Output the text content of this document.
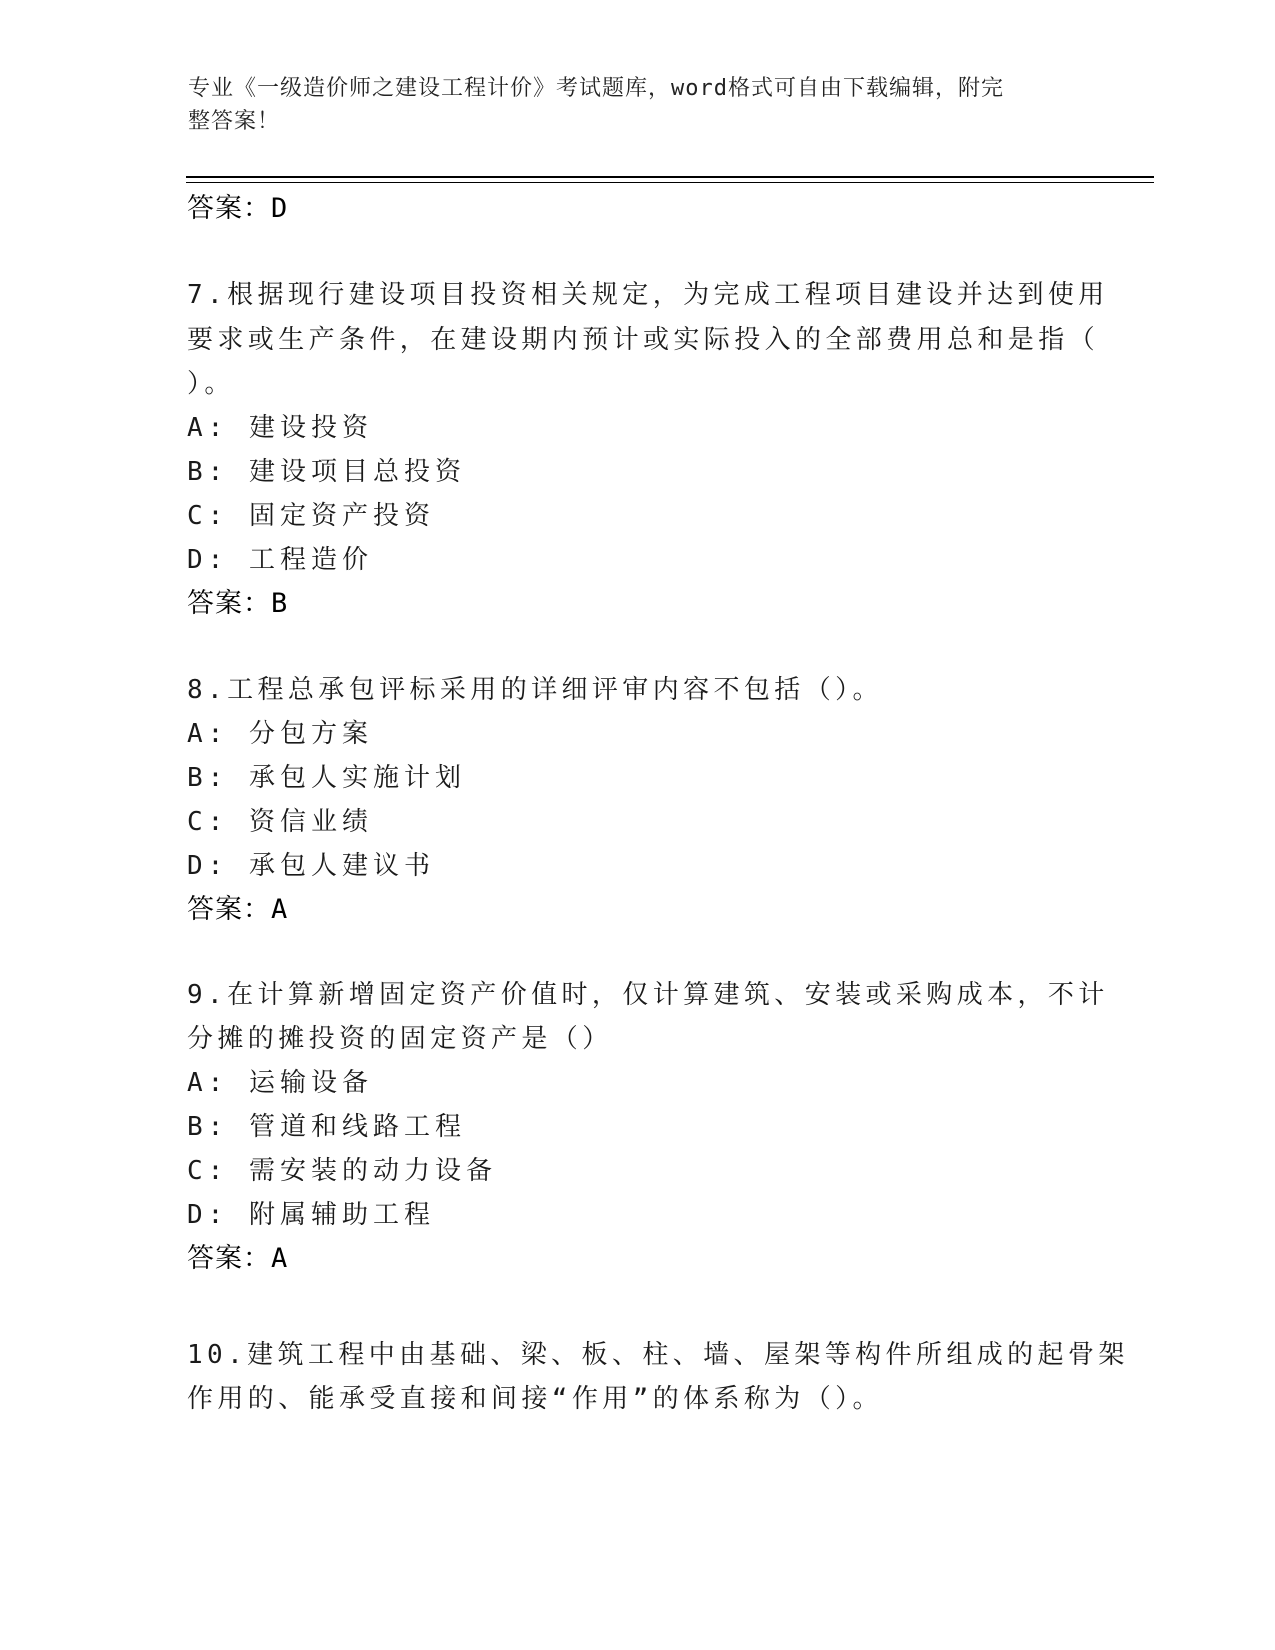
专业《一级造价师之建设工程计价》考试题库，word格式可自由下载编辑，附完
整答案！
答案：D
7.根据现行建设项目投资相关规定，为完成工程项目建设并达到使用
要求或生产条件，在建设期内预计或实际投入的全部费用总和是指（
）。
A: 建设投资
B: 建设项目总投资
C: 固定资产投资
D: 工程造价
答案：B
8.工程总承包评标采用的详细评审内容不包括（）。
A: 分包方案
B: 承包人实施计划
C: 资信业绩
D: 承包人建议书
答案：A
9.在计算新增固定资产价值时，仅计算建筑、安装或采购成本，不计
分摊的摊投资的固定资产是（）
A: 运输设备
B: 管道和线路工程
C: 需安装的动力设备
D: 附属辅助工程
答案：A
10.建筑工程中由基础、梁、板、柱、墙、屋架等构件所组成的起骨架
作用的、能承受直接和间接“作用”的体系称为（）。
